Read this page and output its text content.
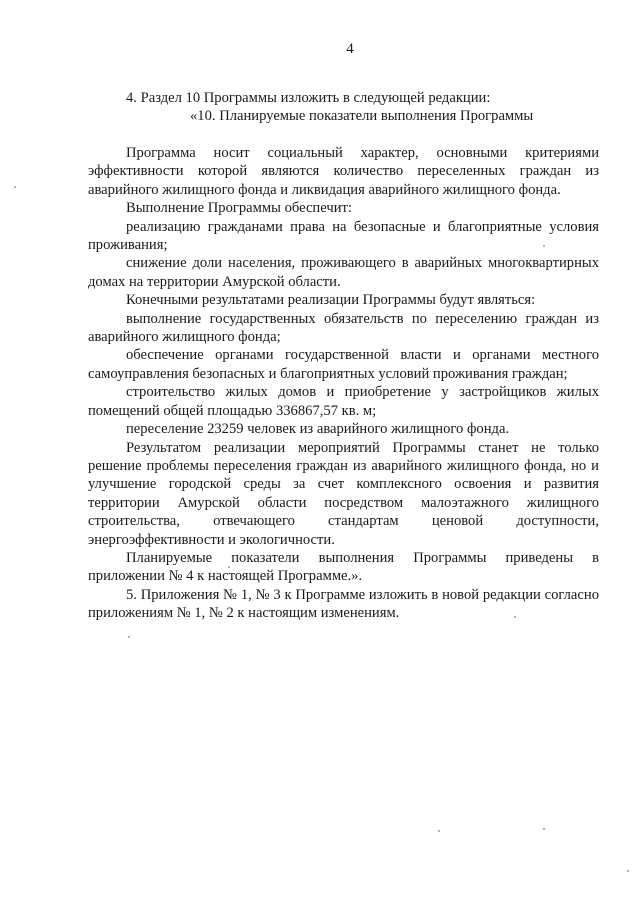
4

4. Раздел 10 Программы изложить в следующей редакции:

«10. Планируемые показатели выполнения Программы

Программа носит социальный характер, основными критериями эффективности которой являются количество переселенных граждан из аварийного жилищного фонда и ликвидация аварийного жилищного фонда.

Выполнение Программы обеспечит:

реализацию гражданами права на безопасные и благоприятные условия проживания;

снижение доли населения, проживающего в аварийных многоквартирных домах на территории Амурской области.

Конечными результатами реализации Программы будут являться:

выполнение государственных обязательств по переселению граждан из аварийного жилищного фонда;

обеспечение органами государственной власти и органами местного самоуправления безопасных и благоприятных условий проживания граждан;

строительство жилых домов и приобретение у застройщиков жилых помещений общей площадью 336867,57 кв. м;

переселение 23259 человек из аварийного жилищного фонда.

Результатом реализации мероприятий Программы станет не только решение проблемы переселения граждан из аварийного жилищного фонда, но и улучшение городской среды за счет комплексного освоения и развития территории Амурской области посредством малоэтажного жилищного строительства, отвечающего стандартам ценовой доступности, энергоэффективности и экологичности.

Планируемые показатели выполнения Программы приведены в приложении № 4 к настоящей Программе.».

5. Приложения № 1, № 3 к Программе изложить в новой редакции согласно приложениям № 1, № 2 к настоящим изменениям.
